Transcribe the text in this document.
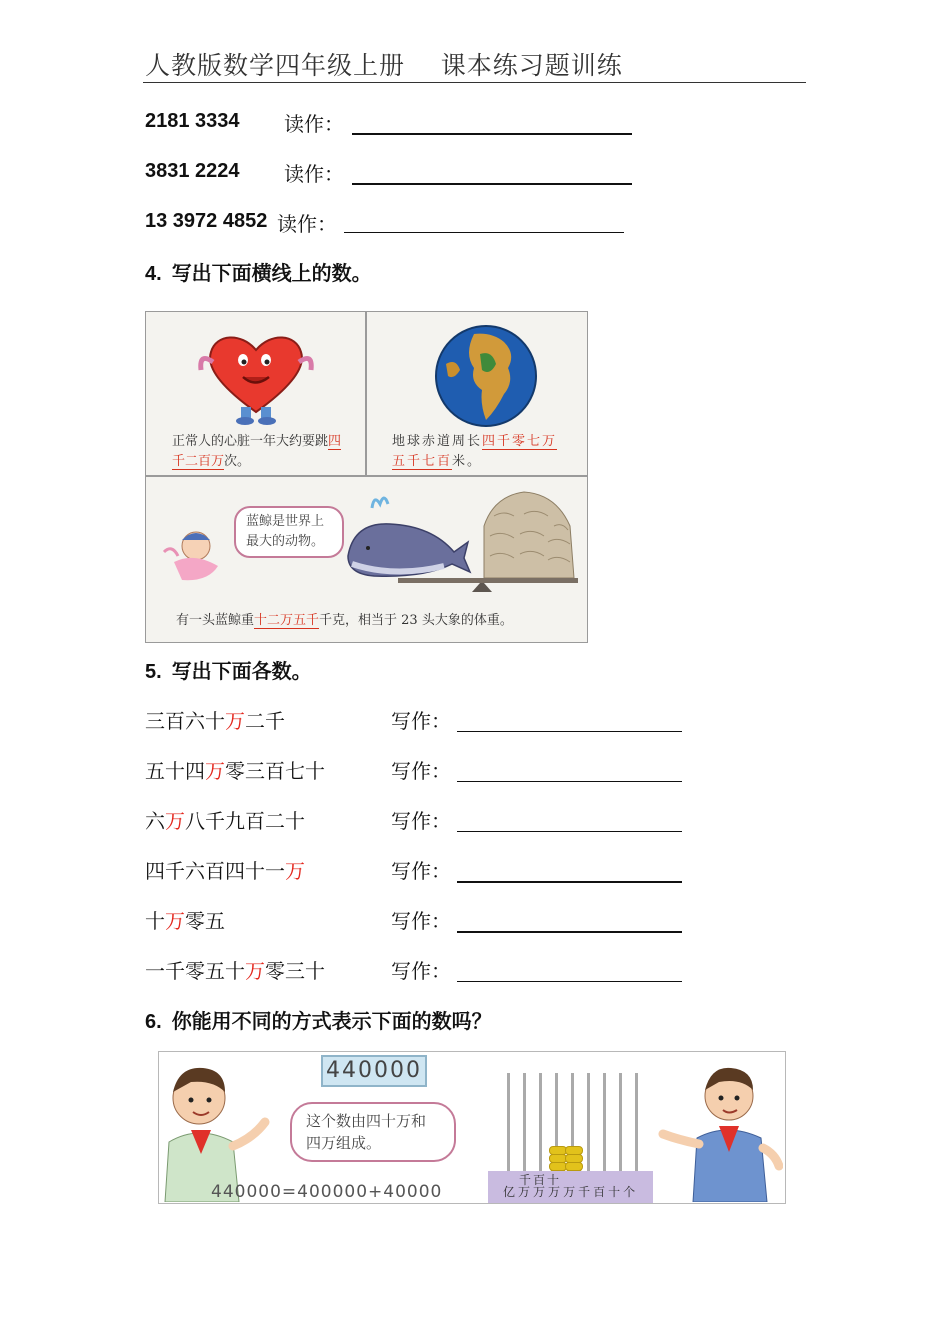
人教版数学四年级上册    课本练习题训练
2181 3334 读作：
3831 2224 读作：
13 3972 4852 读作：
4. 写出下面横线上的数。
正常人的心脏一年大约要跳四千二百万次。
地球赤道周长四千零七万五千七百米。
蓝鲸是世界上最大的动物。
有一头蓝鲸重十二万五千千克，相当于 23 头大象的体重。
5. 写出下面各数。
三百六十万二千	写作：
五十四万零三百七十	写作：
六万八千九百二十	写作：
四千六百四十一万	写作：
十万零五	写作：
一千零五十万零三十	写作：
6. 你能用不同的方式表示下面的数吗？
440000
这个数由四十万和四万组成。
440000=400000+40000
千百十
亿万万万万千百十个
